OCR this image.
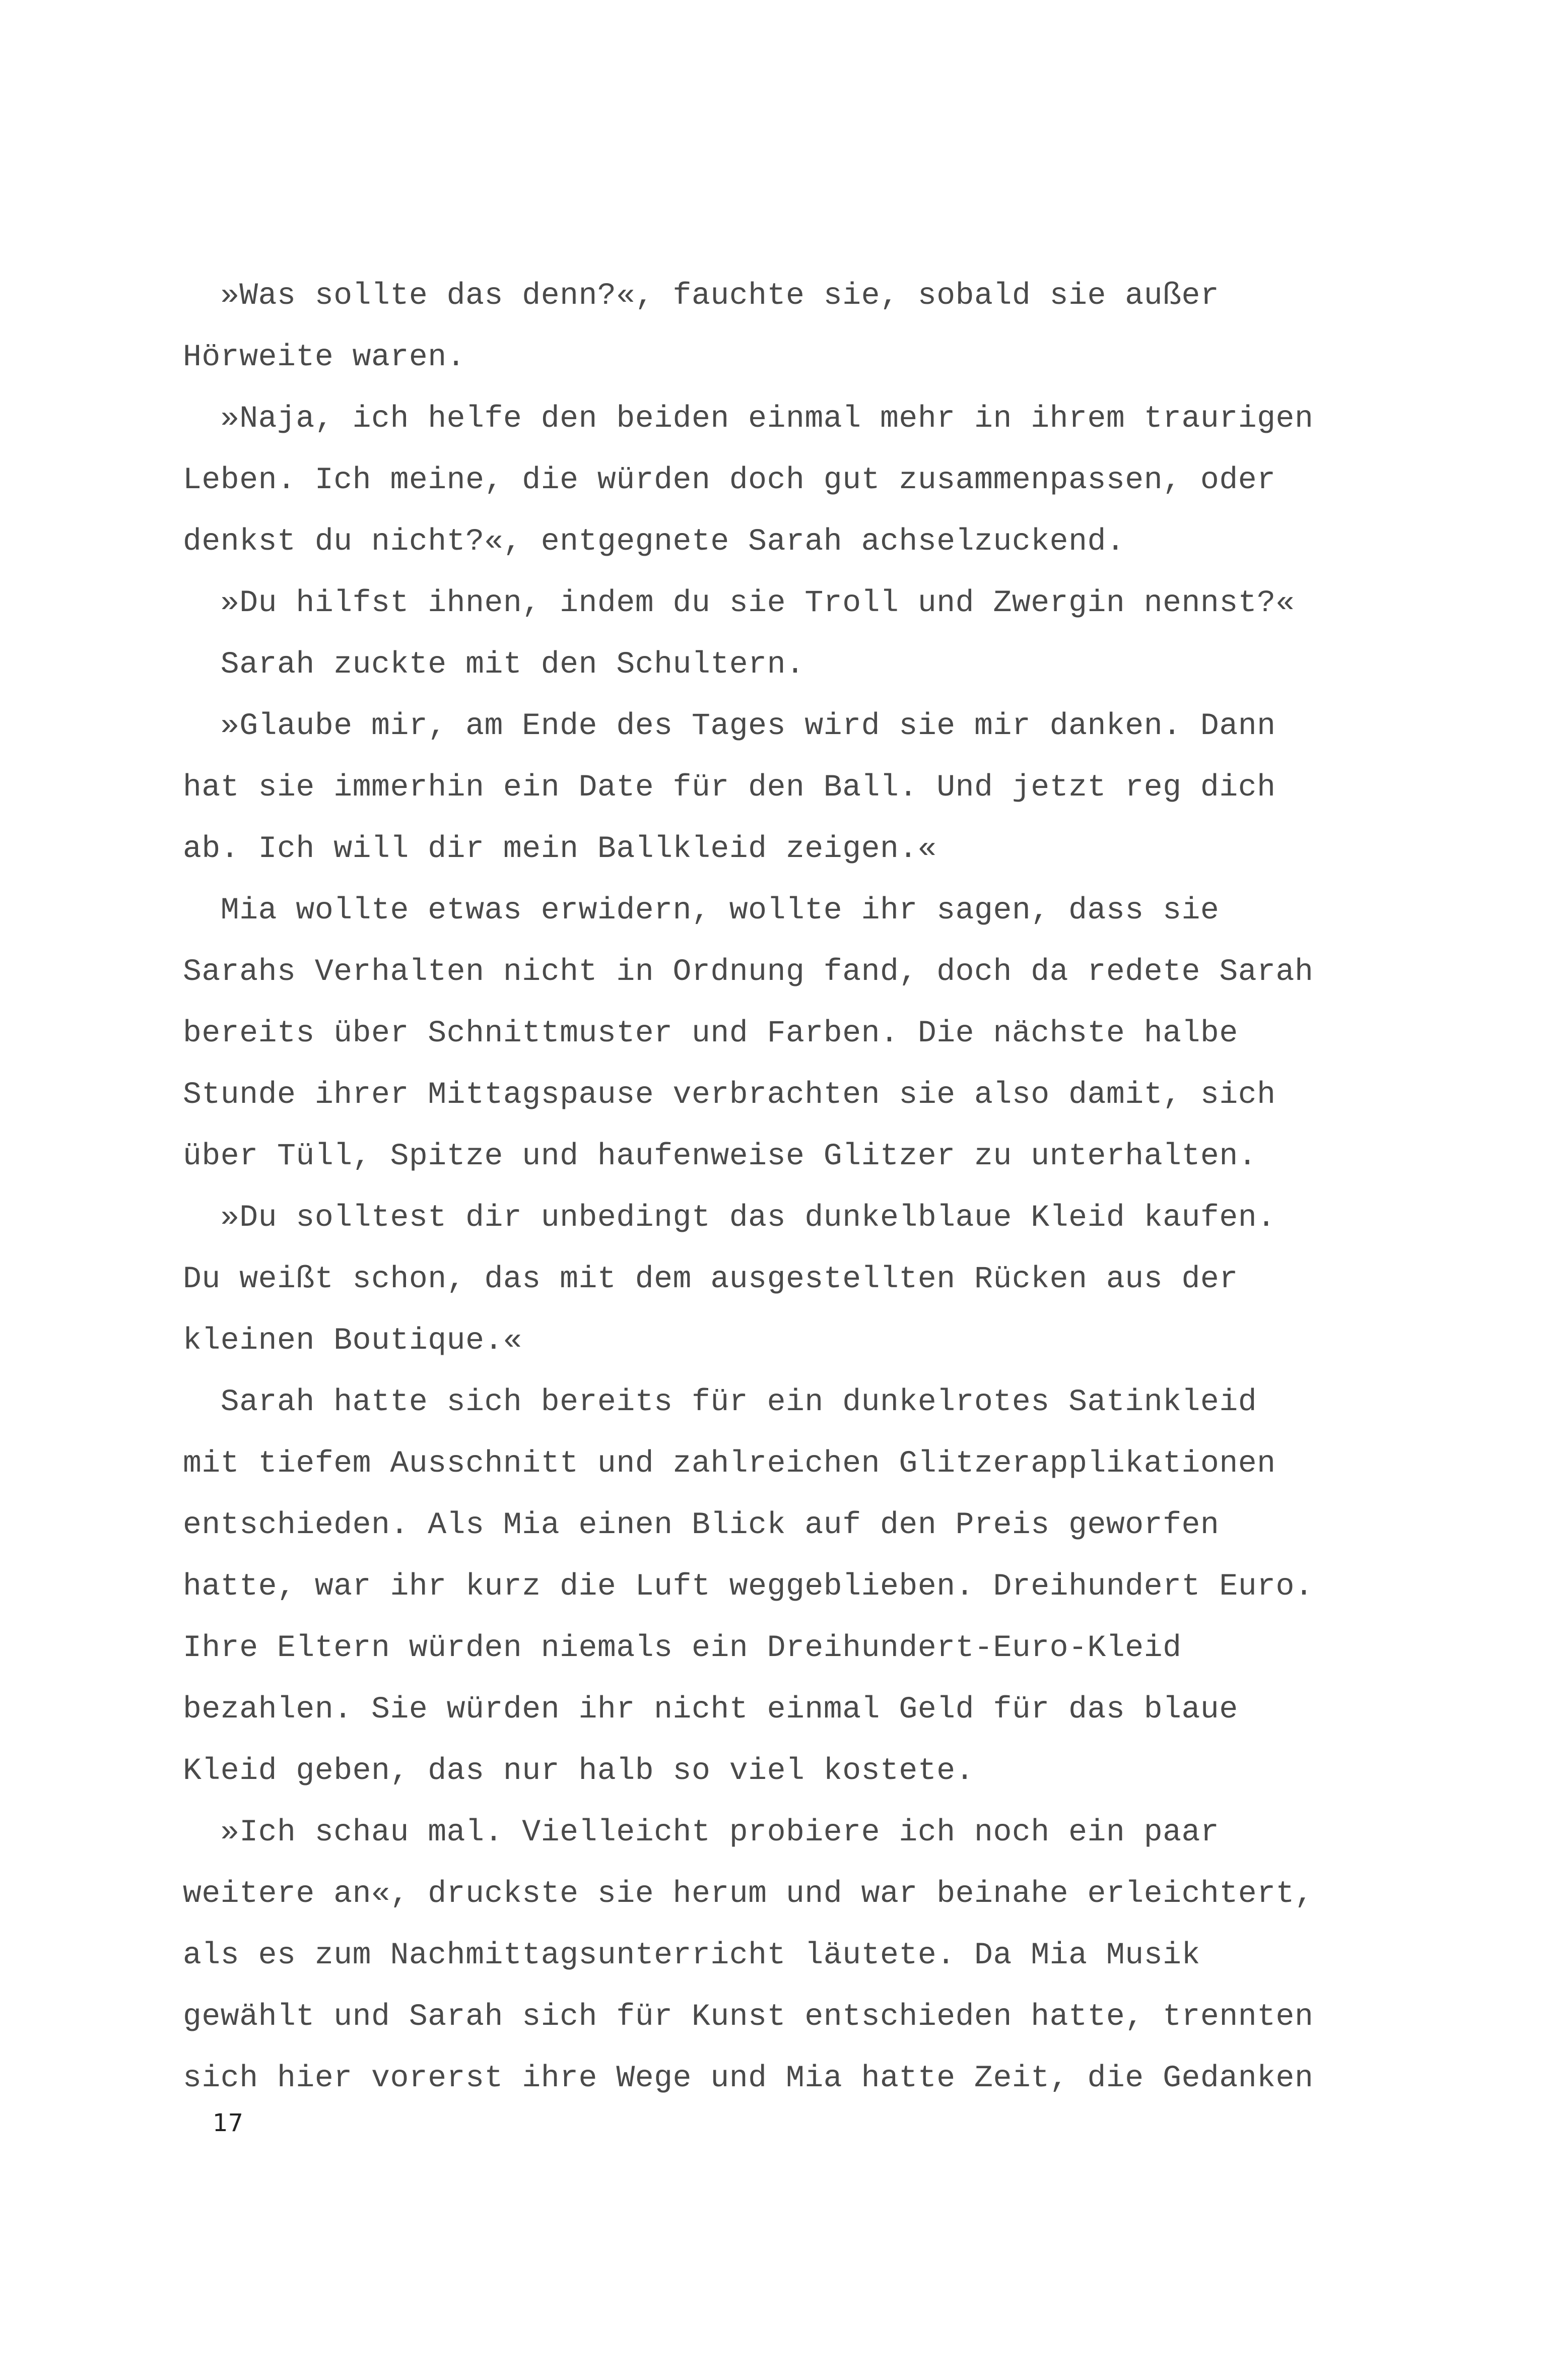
»Was sollte das denn?«, fauchte sie, sobald sie außer
Hörweite waren.
»Naja, ich helfe den beiden einmal mehr in ihrem traurigen
Leben. Ich meine, die würden doch gut zusammenpassen, oder
denkst du nicht?«, entgegnete Sarah achselzuckend.
»Du hilfst ihnen, indem du sie Troll und Zwergin nennst?«
Sarah zuckte mit den Schultern.
»Glaube mir, am Ende des Tages wird sie mir danken. Dann
hat sie immerhin ein Date für den Ball. Und jetzt reg dich
ab. Ich will dir mein Ballkleid zeigen.«
Mia wollte etwas erwidern, wollte ihr sagen, dass sie
Sarahs Verhalten nicht in Ordnung fand, doch da redete Sarah
bereits über Schnittmuster und Farben. Die nächste halbe
Stunde ihrer Mittagspause verbrachten sie also damit, sich
über Tüll, Spitze und haufenweise Glitzer zu unterhalten.
»Du solltest dir unbedingt das dunkelblaue Kleid kaufen.
Du weißt schon, das mit dem ausgestellten Rücken aus der
kleinen Boutique.«
Sarah hatte sich bereits für ein dunkelrotes Satinkleid
mit tiefem Ausschnitt und zahlreichen Glitzerapplikationen
entschieden. Als Mia einen Blick auf den Preis geworfen
hatte, war ihr kurz die Luft weggeblieben. Dreihundert Euro.
Ihre Eltern würden niemals ein Dreihundert-Euro-Kleid
bezahlen. Sie würden ihr nicht einmal Geld für das blaue
Kleid geben, das nur halb so viel kostete.
»Ich schau mal. Vielleicht probiere ich noch ein paar
weitere an«, druckste sie herum und war beinahe erleichtert,
als es zum Nachmittagsunterricht läutete. Da Mia Musik
gewählt und Sarah sich für Kunst entschieden hatte, trennten
sich hier vorerst ihre Wege und Mia hatte Zeit, die Gedanken
17
